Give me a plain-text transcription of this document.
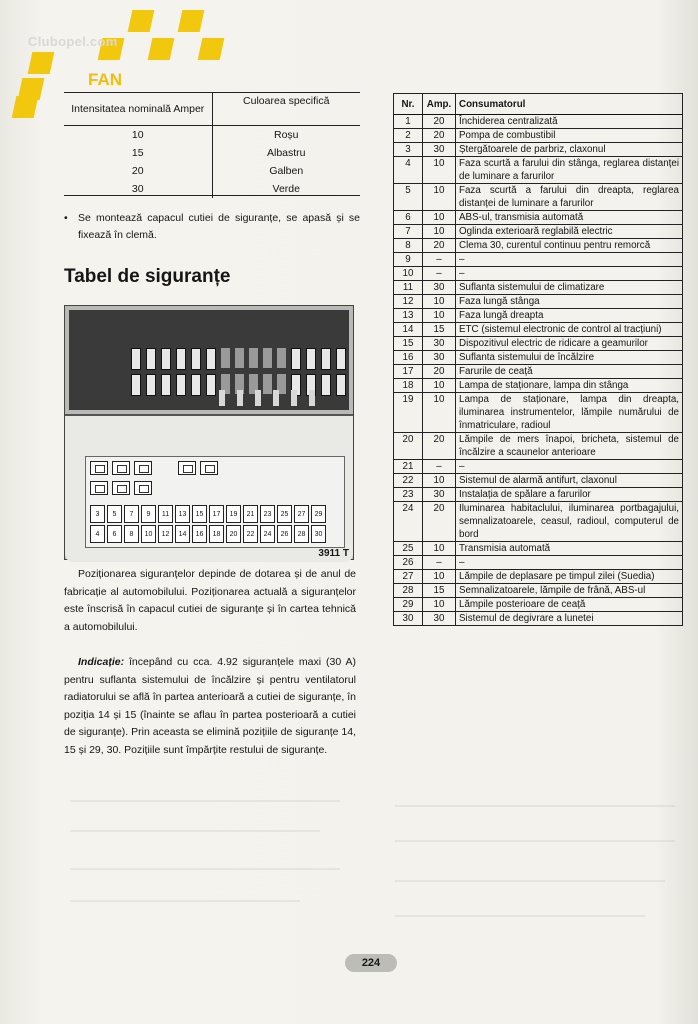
Clubopel.com
FAN
Intensitatea nominală Amper	Culoarea specifică
10	Roșu
15	Albastru
20	Galben
30	Verde
• Se montează capacul cutiei de siguranțe, se apasă și se fixează în clemă.
Tabel de siguranțe
3	5	7	9	11	13	15	17	19	21	23	25	27	29
4	6	8	10	12	14	16	18	20	22	24	26	28	30
3911 T

Poziționarea siguranțelor depinde de dotarea și de anul de fabricație al automobilului. Poziționarea actuală a siguranțelor este înscrisă în capacul cutiei de siguranțe și în cartea tehnică a automobilului.

Indicație: începând cu cca. 4.92 siguranțele maxi (30 A) pentru suflanta sistemului de încălzire și pentru ventilatorul radiatorului se află în partea anterioară a cutiei de siguranțe, în poziția 14 și 15 (înainte se aflau în partea posterioară a cutiei de siguranțe). Prin aceasta se elimină pozițiile de siguranțe 14, 15 și 29, 30. Pozițiile sunt împărțite restului de siguranțe.

Nr.	Amp.	Consumatorul
1	20	Închiderea centralizată
2	20	Pompa de combustibil
3	30	Ștergătoarele de parbriz, claxonul
4	10	Faza scurtă a farului din stânga, reglarea distanței de luminare a farurilor
5	10	Faza scurtă a farului din dreapta, reglarea distanței de luminare a farurilor
6	10	ABS-ul, transmisia automată
7	10	Oglinda exterioară reglabilă electric
8	20	Clema 30, curentul continuu pentru remorcă
9	–	–
10	–	–
11	30	Suflanta sistemului de climatizare
12	10	Faza lungă stânga
13	10	Faza lungă dreapta
14	15	ETC (sistemul electronic de control al tracțiuni)
15	30	Dispozitivul electric de ridicare a geamurilor
16	30	Suflanta sistemului de încălzire
17	20	Farurile de ceață
18	10	Lampa de staționare, lampa din stânga
19	10	Lampa de staționare, lampa din dreapta, iluminarea instrumentelor, lămpile numărului de înmatriculare, radioul
20	20	Lămpile de mers înapoi, bricheta, sistemul de încălzire a scaunelor anterioare
21	–	–
22	10	Sistemul de alarmă antifurt, claxonul
23	30	Instalația de spălare a farurilor
24	20	Iluminarea habitaclului, iluminarea portbagajului, semnalizatoarele, ceasul, radioul, computerul de bord
25	10	Transmisia automată
26	–	–
27	10	Lămpile de deplasare pe timpul zilei (Suedia)
28	15	Semnalizatoarele, lămpile de frână, ABS-ul
29	10	Lămpile posterioare de ceață
30	30	Sistemul de degivrare a lunetei
224
